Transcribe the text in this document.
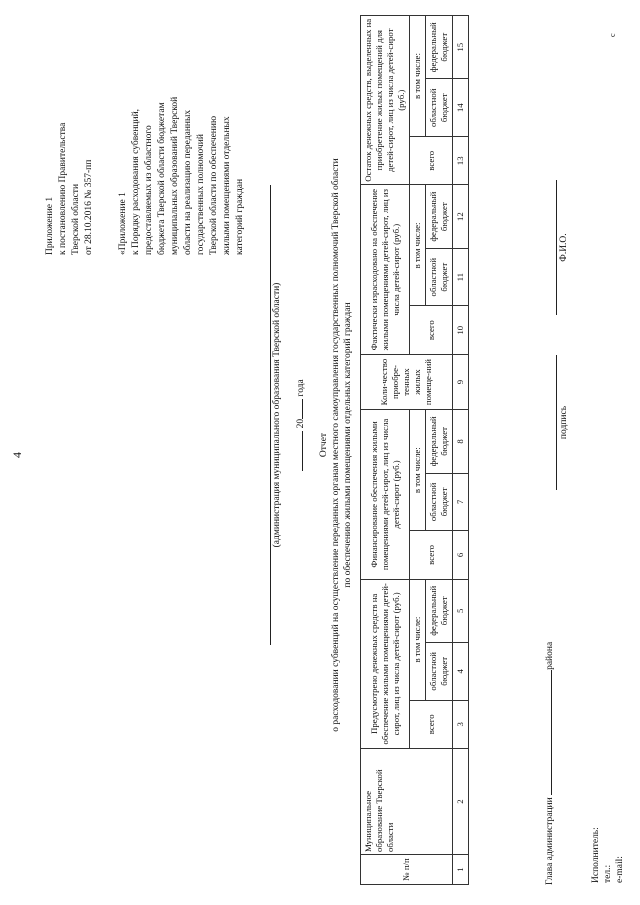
4
Приложение 1 к постановлению Правительства Тверской области от 28.10.2016 № 357-пп	«Приложение 1 к Порядку расходования субвенций, предоставляемых из областного бюджета Тверской области бюджетам муниципальных образований Тверской области на реализацию переданных государственных полномочий Тверской области по обеспечению жилыми помещениями отдельных категорий граждан
(администрация муниципального образования Тверской области) 20 года
Отчет о расходовании субвенций на осуществление переданных органам местного самоуправления государственных полномочий Тверской области по обеспечению жилыми помещениями отдельных категорий граждан
№ п/п	Муниципальное образование Тверской области	Предусмотрено денежных средств на обеспечение жилыми помещениями детей-сирот, лиц из числа детей-сирот (руб.)			Финансирование обеспечения жилыми помещениями детей-сирот, лиц из числа детей-сирот (руб.)			Коли-чество приобре-тенных жилых помеще-ний	Фактически израсходовано на обеспечение жилыми помещениями детей-сирот, лиц из числа детей-сирот (руб.)			Остаток денежных средств, выделенных на приобретение жилых помещений для детей-сирот, лиц из числа детей-сирот (руб.)		
		всего	в том числе:		всего	в том числе:			всего	в том числе:		всего	в том числе:	
			областной бюджет	федеральный бюджет		областной бюджет	федеральный бюджет			областной бюджет	федеральный бюджет		областной бюджет	федеральный бюджет
1	2	3	4	5	6	7	8	9	10	11	12	13	14	15
Глава администрации района
подпись
Ф.И.О.
Исполнитель: тел.: e-mail:
с
